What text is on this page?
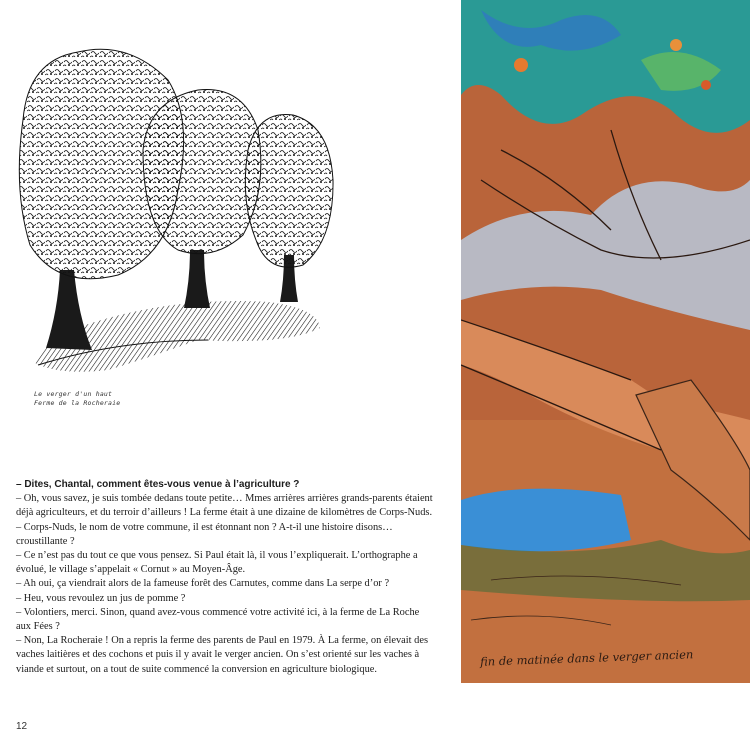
Le verger d'un haut
Ferme de la Rocheraie

– Dites, Chantal, comment êtes-vous venue à l’agriculture ?

– Oh, vous savez, je suis tombée dedans toute petite… Mmes arrières arrières grands-parents étaient déjà agriculteurs, et du terroir d’ailleurs ! La ferme était à une dizaine de kilomètres de Corps-Nuds.

– Corps-Nuds, le nom de votre commune, il est étonnant non ? A-t-il une histoire disons… croustillante ?

– Ce n’est pas du tout ce que vous pensez. Si Paul était là, il vous l’expliquerait. L’orthographe a évolué, le village s’appelait « Cornut » au Moyen-Âge.

– Ah oui, ça viendrait alors de la fameuse forêt des Carnutes, comme dans La serpe d’or ?

– Heu, vous revoulez un jus de pomme ?

– Volontiers, merci. Sinon, quand avez-vous commencé votre activité ici, à la ferme de La Roche aux Fées ?

– Non, La Rocheraie ! On a repris la ferme des parents de Paul en 1979. À La ferme, on élevait des vaches laitières et des cochons et puis il y avait le verger ancien. On s’est orienté sur les vaches à viande et surtout, on a tout de suite commencé la conversion en agriculture biologique.

12
fin de matinée dans le verger ancien
